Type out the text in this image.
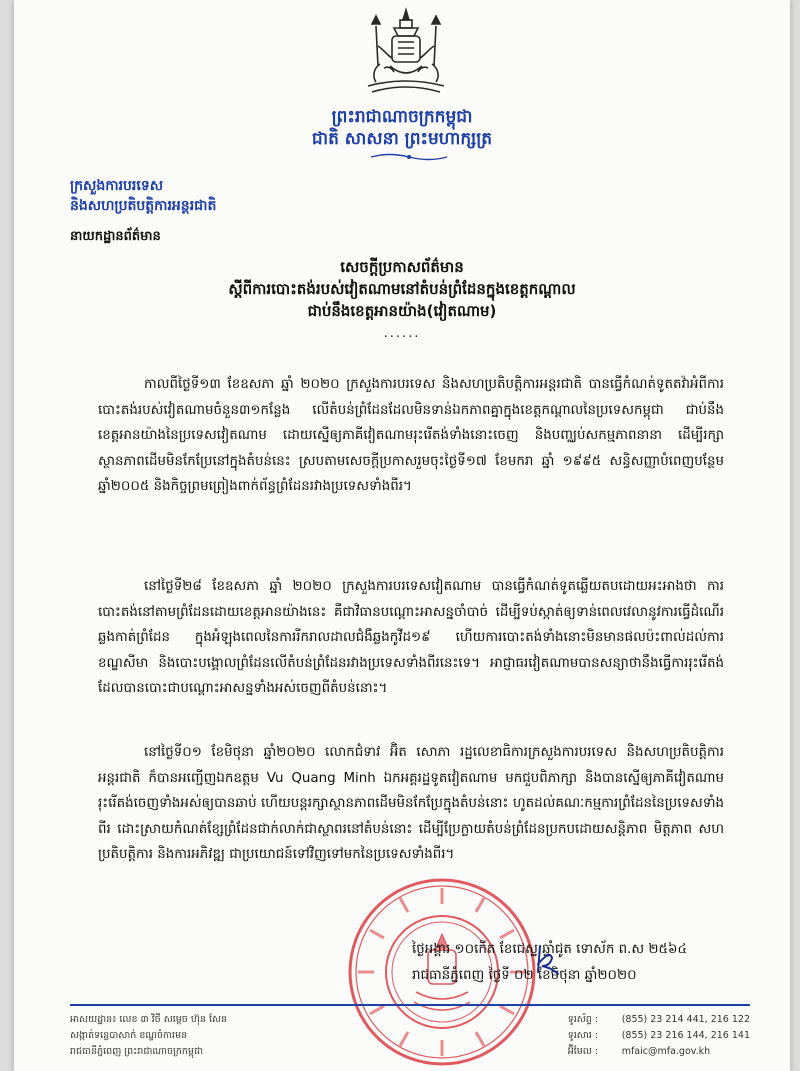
ព្រះរាជាណាចក្រកម្ពុជា
ជាតិ សាសនា ព្រះមហាក្សត្រ
ក្រសួងការបរទេស
និងសហប្រតិបត្តិការអន្តរជាតិ
នាយកដ្ឋានព័ត៌មាន
សេចក្តីប្រកាសព័ត៌មាន
ស្តីពីការបោះតង់របស់វៀតណាមនៅតំបន់ព្រំដែនក្នុងខេត្តកណ្តាល
ជាប់នឹងខេត្តអានយ៉ាង(វៀតណាម)
......
កាលពីថ្ងៃទី១៣ ខែឧសភា ឆ្នាំ ២០២០ ក្រសួងការបរទេស និងសហប្រតិបត្តិការអន្តរជាតិ បានធ្វើកំណត់ទូតតវ៉ាអំពីការបោះតង់របស់វៀតណាមចំនួន៣១កន្លែង លើតំបន់ព្រំដែនដែលមិនទាន់ឯកភាពគ្នាក្នុងខេត្តកណ្តាលនៃប្រទេសកម្ពុជា ជាប់នឹងខេត្តអានយ៉ាងនៃប្រទេសវៀតណាម ដោយស្នើឲ្យភាគីវៀតណាមរុះរើតង់ទាំងនោះចេញ និងបញ្ឈប់សកម្មភាពនានា ដើម្បីរក្សាស្ថានភាពដើមមិនកែប្រែនៅក្នុងតំបន់នេះ ស្របតាមសេចក្តីប្រកាសរួមចុះថ្ងៃទី១៧ ខែមករា ឆ្នាំ ១៩៩៥ សន្ធិសញ្ញាបំពេញបន្ថែម ឆ្នាំ២០០៥ និងកិច្ចព្រមព្រៀងពាក់ព័ន្ធព្រំដែនរវាងប្រទេសទាំងពីរ។
នៅថ្ងៃទី២៨ ខែឧសភា ឆ្នាំ ២០២០ ក្រសួងការបរទេសវៀតណាម បានធ្វើកំណត់ទូតឆ្លើយតបដោយអះអាងថា ការបោះតង់នៅតាមព្រំដែនដោយខេត្តអានយ៉ាងនេះ គឺជាវិធានបណ្តោះអាសន្នចាំបាច់ ដើម្បីទប់ស្កាត់ឲ្យទាន់ពេលវេលានូវការធ្វើដំណើរឆ្លងកាត់ព្រំដែន ក្នុងអំឡុងពេលនៃការរីករាលដាលជំងឺឆ្លងកូវីដ១៩ ហើយការបោះតង់ទាំងនោះមិនមានផលប៉ះពាល់ដល់ការខណ្ឌសីមា និងបោះបង្គោលព្រំដែនលើតំបន់ព្រំដែនរវាងប្រទេសទាំងពីរនេះទេ។ អាជ្ញាធរវៀតណាមបានសន្យាថានឹងធ្វើការរុះរើតង់ដែលបានបោះជាបណ្តោះអាសន្នទាំងអស់ចេញពីតំបន់នោះ។
នៅថ្ងៃទី០១ ខែមិថុនា ឆ្នាំ២០២០ លោកជំទាវ អ៊ិត សោភា រដ្ឋលេខាធិការក្រសួងការបរទេស និងសហប្រតិបត្តិការអន្តរជាតិ ក៏បានអញ្ជើញឯកឧត្តម Vu Quang Minh ឯកអគ្គរដ្ឋទូតវៀតណាម មកជួបពិភាក្សា និងបានស្នើឲ្យភាគីវៀតណាមរុះរើតង់ចេញទាំងអស់ឲ្យបានឆាប់ ហើយបន្តរក្សាស្ថានភាពដើមមិនកែប្រែក្នុងតំបន់នោះ ហូតដល់គណៈកម្មការព្រំដែននៃប្រទេសទាំងពីរ ដោះស្រាយកំណត់ខ្សែព្រំដែនជាក់លាក់ជាស្ថាពរនៅតំបន់នោះ ដើម្បីប្រែក្លាយតំបន់ព្រំដែនប្រកបដោយសន្តិភាព មិត្តភាព សហប្រតិបត្តិការ និងការអភិវឌ្ឍ ជាប្រយោជន៍ទៅវិញទៅមកនៃប្រទេសទាំងពីរ។
ថ្ងៃអង្គារ ១០កើត ខែជេស្ឋ ឆ្នាំជូត ទោស័ក ព.ស ២៥៦៤
រាជធានីភ្នំពេញ ថ្ងៃទី ០២ ខែមិថុនា ឆ្នាំ២០២០
អាសយដ្ឋាន៖ លេខ ៣ វិថី សម្តេច ហ៊ុន សែន
សង្កាត់ទន្លេបាសាក់ ខណ្ឌចំការមន
រាជធានីភ្នំពេញ ព្រះរាជាណាចក្រកម្ពុជា
ទូរស័ព្ទ : (855) 23 214 441, 216 122
ទូរសារ : (855) 23 216 144, 216 141
អ៊ីមែល : mfaic@mfa.gov.kh
